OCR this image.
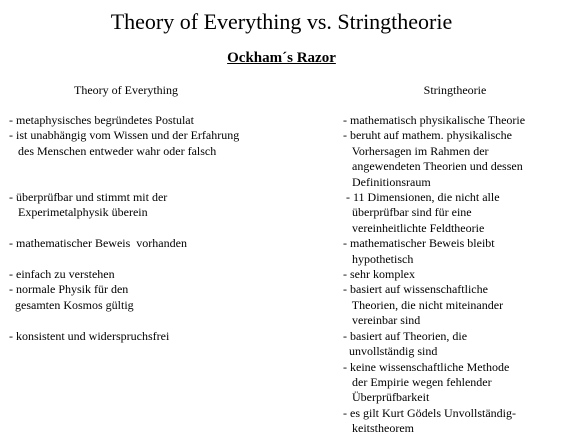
Theory of Everything vs. Stringtheorie
Ockham´s Razor
Theory of Everything	Stringtheorie

- metaphysisches begründetes Postulat

- ist unabhängig vom Wissen und der Erfahrung

des Menschen entweder wahr oder falsch

- überprüfbar und stimmt mit der

Experimetalphysik überein

- mathematischer Beweis  vorhanden

- einfach zu verstehen

- normale Physik für den

gesamten Kosmos gültig

- konsistent und widerspruchsfrei

- mathematisch physikalische Theorie

- beruht auf mathem. physikalische

Vorhersagen im Rahmen der

angewendeten Theorien und dessen

Definitionsraum

- 11 Dimensionen, die nicht alle

überprüfbar sind für eine

vereinheitlichte Feldtheorie

- mathematischer Beweis bleibt

hypothetisch

- sehr komplex

- basiert auf wissenschaftliche

Theorien, die nicht miteinander

vereinbar sind

- basiert auf Theorien, die

unvollständig sind

- keine wissenschaftliche Methode

der Empirie wegen fehlender

Überprüfbarkeit

- es gilt Kurt Gödels Unvollständig-

keitstheorem
